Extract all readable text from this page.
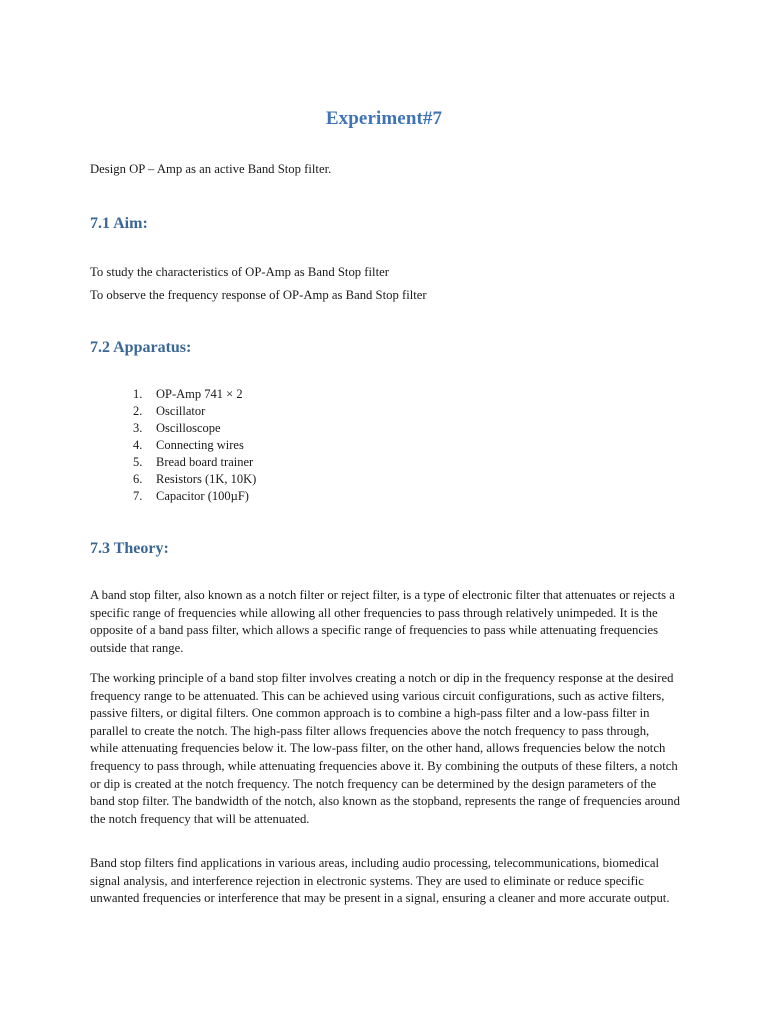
Experiment#7

Design OP – Amp as an active Band Stop filter.

7.1 Aim:

To study the characteristics of OP-Amp as Band Stop filter

To observe the frequency response of OP-Amp as Band Stop filter

7.2 Apparatus:
1. OP-Amp 741 × 2
2. Oscillator
3. Oscilloscope
4. Connecting wires
5. Bread board trainer
6. Resistors (1K, 10K)
7. Capacitor (100µF)
7.3 Theory:

A band stop filter, also known as a notch filter or reject filter, is a type of electronic filter that attenuates or rejects a specific range of frequencies while allowing all other frequencies to pass through relatively unimpeded. It is the opposite of a band pass filter, which allows a specific range of frequencies to pass while attenuating frequencies outside that range.

The working principle of a band stop filter involves creating a notch or dip in the frequency response at the desired frequency range to be attenuated. This can be achieved using various circuit configurations, such as active filters, passive filters, or digital filters. One common approach is to combine a high-pass filter and a low-pass filter in parallel to create the notch. The high-pass filter allows frequencies above the notch frequency to pass through, while attenuating frequencies below it. The low-pass filter, on the other hand, allows frequencies below the notch frequency to pass through, while attenuating frequencies above it. By combining the outputs of these filters, a notch or dip is created at the notch frequency. The notch frequency can be determined by the design parameters of the band stop filter. The bandwidth of the notch, also known as the stopband, represents the range of frequencies around the notch frequency that will be attenuated.

Band stop filters find applications in various areas, including audio processing, telecommunications, biomedical signal analysis, and interference rejection in electronic systems. They are used to eliminate or reduce specific unwanted frequencies or interference that may be present in a signal, ensuring a cleaner and more accurate output.
